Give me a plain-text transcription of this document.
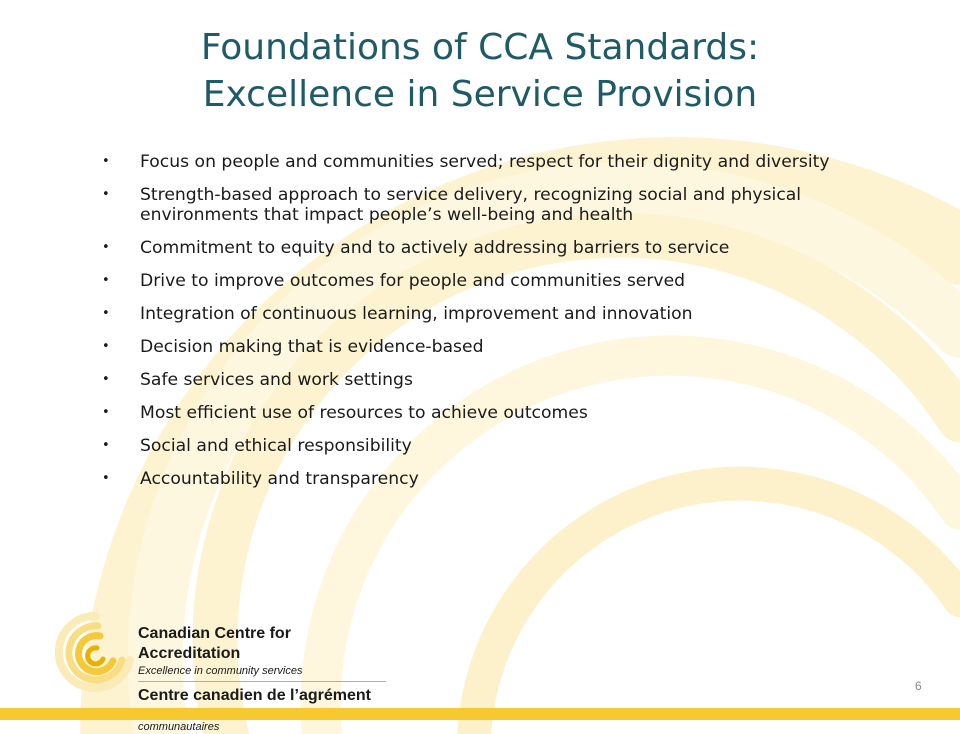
Foundations of CCA Standards:
Excellence in Service Provision
• Focus on people and communities served; respect for their dignity and diversity
• Strength-based approach to service delivery, recognizing social and physical environments that impact people’s well-being and health
• Commitment to equity and to actively addressing barriers to service
• Drive to improve outcomes for people and communities served
• Integration of continuous learning, improvement and innovation
• Decision making that is evidence-based
• Safe services and work settings
• Most efficient use of resources to achieve outcomes
• Social and ethical responsibility
• Accountability and transparency
Canadian Centre for Accreditation
Excellence in community services
Centre canadien de l’agrément
communautaires
6
